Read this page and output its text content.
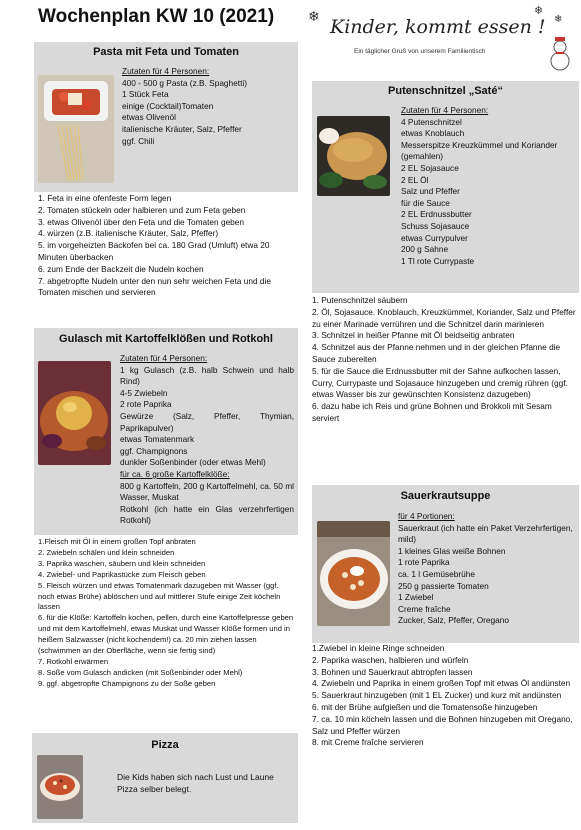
Wochenplan KW 10 (2021) ❄	❄
❄
Kinder, kommt essen !
Ein täglicher Gruß von unserem Familientisch
Pasta mit Feta und Tomaten
Zutaten für 4 Personen:
400 - 500 g Pasta (z.B. Spaghetti)
1 Stück Feta
einige (Cocktail)Tomaten
etwas Olivenöl
italienische Kräuter, Salz, Pfeffer
ggf. Chili

1. Feta in eine ofenfeste Form legen

2. Tomaten stückeln oder halbieren und zum Feta geben

3. etwas Olivenöl über den Feta und die Tomaten geben

4. würzen (z.B. italienische Kräuter, Salz, Pfeffer)

5. im vorgeheizten Backofen bei ca. 180 Grad (Umluft) etwa 20 Minuten überbacken

6. zum Ende der Backzeit die Nudeln kochen

7. abgetropfte Nudeln unter den nun sehr weichen Feta und die Tomaten mischen und servieren

Gulasch mit Kartoffelklößen und Rotkohl
Zutaten für 4 Personen:
1 kg Gulasch (z.B. halb Schwein und halb Rind)
4-5 Zwiebeln
2 rote Paprika
Gewürze (Salz, Pfeffer, Thymian, Paprikapulver)
etwas Tomatenmark
ggf. Champignons
dunkler Soßenbinder (oder etwas Mehl)
für ca. 6 große Kartoffelklöße:
800 g Kartoffeln, 200 g Kartoffelmehl, ca. 50 ml Wasser, Muskat
Rotkohl (ich hatte ein Glas verzehrfertigen Rotkohl)

1.Fleisch mit Öl in einem großen Topf anbraten

2. Zwiebeln schälen und klein schneiden

3. Paprika waschen, säubern und klein schneiden

4. Zwiebel- und Paprikastücke zum Fleisch geben

5. Fleisch würzen und etwas Tomatenmark dazugeben mit Wasser (ggf. noch etwas Brühe) ablöschen und auf mittlerer Stufe einige Zeit köcheln lassen

6. für die Klöße: Kartoffeln kochen, pellen, durch eine Kartoffelpresse geben und mit dem Kartoffelmehl, etwas Muskat und Wasser Klöße formen und in heißem Salzwasser (nicht kochendem!) ca. 20 min ziehen lassen (schwimmen an der Oberfläche, wenn sie fertig sind)

7. Rotkohl erwärmen

8. Soße vom Gulasch andicken (mit Soßenbinder oder Mehl)

9. ggf. abgetropfte Champignons zu der Soße geben

Pizza
Die Kids haben sich nach Lust und Laune Pizza selber belegt.
Putenschnitzel „Saté“
Zutaten für 4 Personen:
4 Putenschnitzel
etwas Knoblauch
Messerspitze Kreuzkümmel und Koriander (gemahlen)
2 EL Sojasauce
2 EL Öl
Salz und Pfeffer
für die Sauce
2 EL Erdnussbutter
Schuss Sojasauce
etwas Currypulver
200 g Sahne
1 Tl rote Currypaste

1. Putenschnitzel säubern

2. Öl, Sojasauce. Knoblauch, Kreuzkümmel, Koriander, Salz und Pfeffer zu einer Marinade verrühren und die Schnitzel darin marinieren

3. Schnitzel in heißer Pfanne mit Öl beidseitig anbraten

4. Schnitzel aus der Pfanne nehmen und in der gleichen Pfanne die Sauce zubereiten

5. für die Sauce die Erdnussbutter mit der Sahne aufkochen lassen, Curry, Currypaste und Sojasauce hinzugeben und cremig rühren (ggf. etwas Wasser bis zur gewünschten Konsistenz dazugeben)

6. dazu habe ich Reis und grüne Bohnen und Brokkoli mit Sesam serviert

Sauerkrautsuppe
für 4 Portionen:
Sauerkraut (ich hatte ein Paket Verzehrfertigen, mild)
1 kleines Glas weiße Bohnen
1 rote Paprika
ca. 1 l Gemüsebrühe
250 g passierte Tomaten
1 Zwiebel
Creme fraîche
Zucker, Salz, Pfeffer, Oregano

1.Zwiebel in kleine Ringe schneiden

2. Paprika waschen, halbieren und würfeln

3. Bohnen und Sauerkraut abtropfen lassen

4. Zwiebeln und Paprika in einem großen Topf mit etwas Öl andünsten

5. Sauerkraut hinzugeben (mit 1 EL Zucker) und kurz mit andünsten

6. mit der Brühe aufgießen und die Tomatensoße hinzugeben

7. ca. 10 min köcheln lassen und die Bohnen hinzugeben mit Oregano, Salz und Pfeffer würzen

8. mit Creme fraîche servieren
